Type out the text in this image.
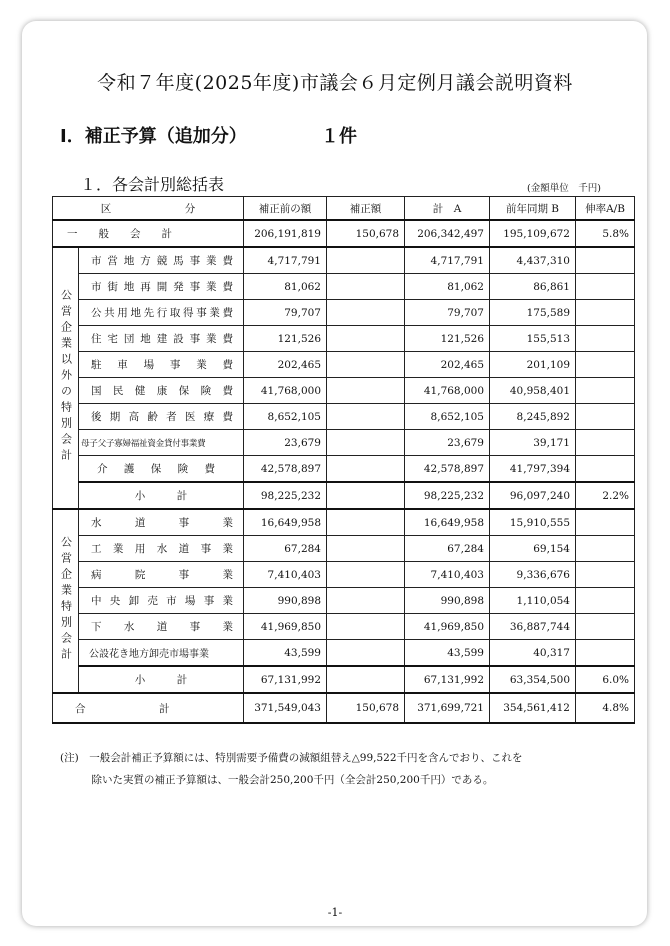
令和７年度(2025年度)市議会６月定例月議会説明資料
Ⅰ．補正予算（追加分）	１件
１．各会計別総括表	(金額単位　千円)
区　　　　　　　分		補正前の額	補正額	計　A	前年同期 B	伸率A/B
一　　般　　会　　計		206,191,819	150,678	206,342,497	195,109,672	5.8%
公営企業以外の特別会計	市営地方競馬事業費	4,717,791		4,717,791	4,437,310	
	市街地再開発事業費	81,062		81,062	86,861	
	公共用地先行取得事業費	79,707		79,707	175,589	
	住宅団地建設事業費	121,526		121,526	155,513	
	駐車場事業費	202,465		202,465	201,109	
	国民健康保険費	41,768,000		41,768,000	40,958,401	
	後期高齢者医療費	8,652,105		8,652,105	8,245,892	
	母子父子寡婦福祉資金貸付事業費	23,679		23,679	39,171	
	介護保険費	42,578,897		42,578,897	41,797,394	
	小　　　計	98,225,232		98,225,232	96,097,240	2.2%
公営企業特別会計	水道事業	16,649,958		16,649,958	15,910,555	
	工業用水道事業	67,284		67,284	69,154	
	病院事業	7,410,403		7,410,403	9,336,676	
	中央卸売市場事業	990,898		990,898	1,110,054	
	下水道事業	41,969,850		41,969,850	36,887,744	
	公設花き地方卸売市場事業	43,599		43,599	40,317	
	小　　　計	67,131,992		67,131,992	63,354,500	6.0%
合　　　　　　　計		371,549,043	150,678	371,699,721	354,561,412	4.8%
(注)　一般会計補正予算額には、特別需要予備費の減額組替え△99,522千円を含んでおり、これを
　　　除いた実質の補正予算額は、一般会計250,200千円（全会計250,200千円）である。
-1-
